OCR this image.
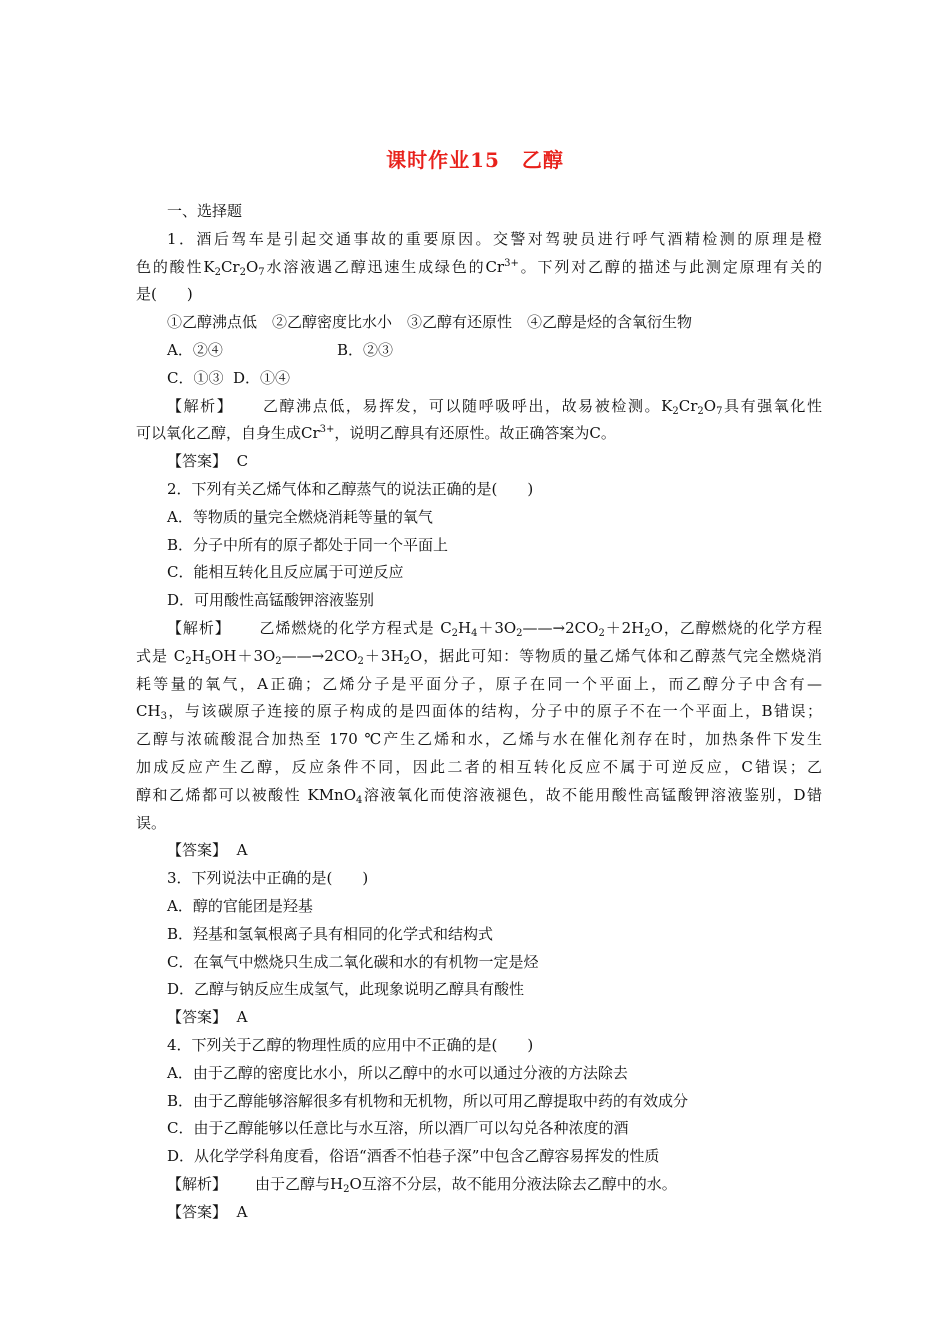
课时作业15 乙醇
一、选择题
1．酒后驾车是引起交通事故的重要原因。交警对驾驶员进行呼气酒精检测的原理是橙
色的酸性$K_2Cr_2O_7$水溶液遇乙醇迅速生成绿色的$Cr^{3+}$。下列对乙醇的描述与此测定原理有关的
是(　　)
①乙醇沸点低　②乙醇密度比水小　③乙醇有还原性　④乙醇是烃的含氧衍生物
A．②④	B．②③
C．①③ D．①④
【解析】 乙醇沸点低，易挥发，可以随呼吸呼出，故易被检测。$K_2Cr_2O_7$具有强氧化性
可以氧化乙醇，自身生成$Cr^{3+}$，说明乙醇具有还原性。故正确答案为C。
【答案】 C
2．下列有关乙烯气体和乙醇蒸气的说法正确的是(　　)
A．等物质的量完全燃烧消耗等量的氧气
B．分子中所有的原子都处于同一个平面上
C．能相互转化且反应属于可逆反应
D．可用酸性高锰酸钾溶液鉴别
【解析】 乙烯燃烧的化学方程式是 $C_2H_4+3O_2——\to 2CO_2+2H_2O$，乙醇燃烧的化学方程
式是 $C_2H_5OH+3O_2——\to 2CO_2+3H_2O$，据此可知：等物质的量乙烯气体和乙醇蒸气完全燃烧消
耗等量的氧气，A正确；乙烯分子是平面分子，原子在同一个平面上，而乙醇分子中含有—
$CH_3$，与该碳原子连接的原子构成的是四面体的结构，分子中的原子不在一个平面上，B错误；
乙醇与浓硫酸混合加热至 170 ℃产生乙烯和水，乙烯与水在催化剂存在时，加热条件下发生
加成反应产生乙醇，反应条件不同，因此二者的相互转化反应不属于可逆反应，C错误；乙
醇和乙烯都可以被酸性 KMnO$_4$溶液氧化而使溶液褪色，故不能用酸性高锰酸钾溶液鉴别，D错
误。
【答案】 A
3．下列说法中正确的是(　　)
A．醇的官能团是羟基
B．羟基和氢氧根离子具有相同的化学式和结构式
C．在氧气中燃烧只生成二氧化碳和水的有机物一定是烃
D．乙醇与钠反应生成氢气，此现象说明乙醇具有酸性
【答案】 A
4．下列关于乙醇的物理性质的应用中不正确的是(　　)
A．由于乙醇的密度比水小，所以乙醇中的水可以通过分液的方法除去
B．由于乙醇能够溶解很多有机物和无机物，所以可用乙醇提取中药的有效成分
C．由于乙醇能够以任意比与水互溶，所以酒厂可以勾兑各种浓度的酒
D．从化学学科角度看，俗语“酒香不怕巷子深”中包含乙醇容易挥发的性质
【解析】 由于乙醇与$H_2O$互溶不分层，故不能用分液法除去乙醇中的水。
【答案】 A
